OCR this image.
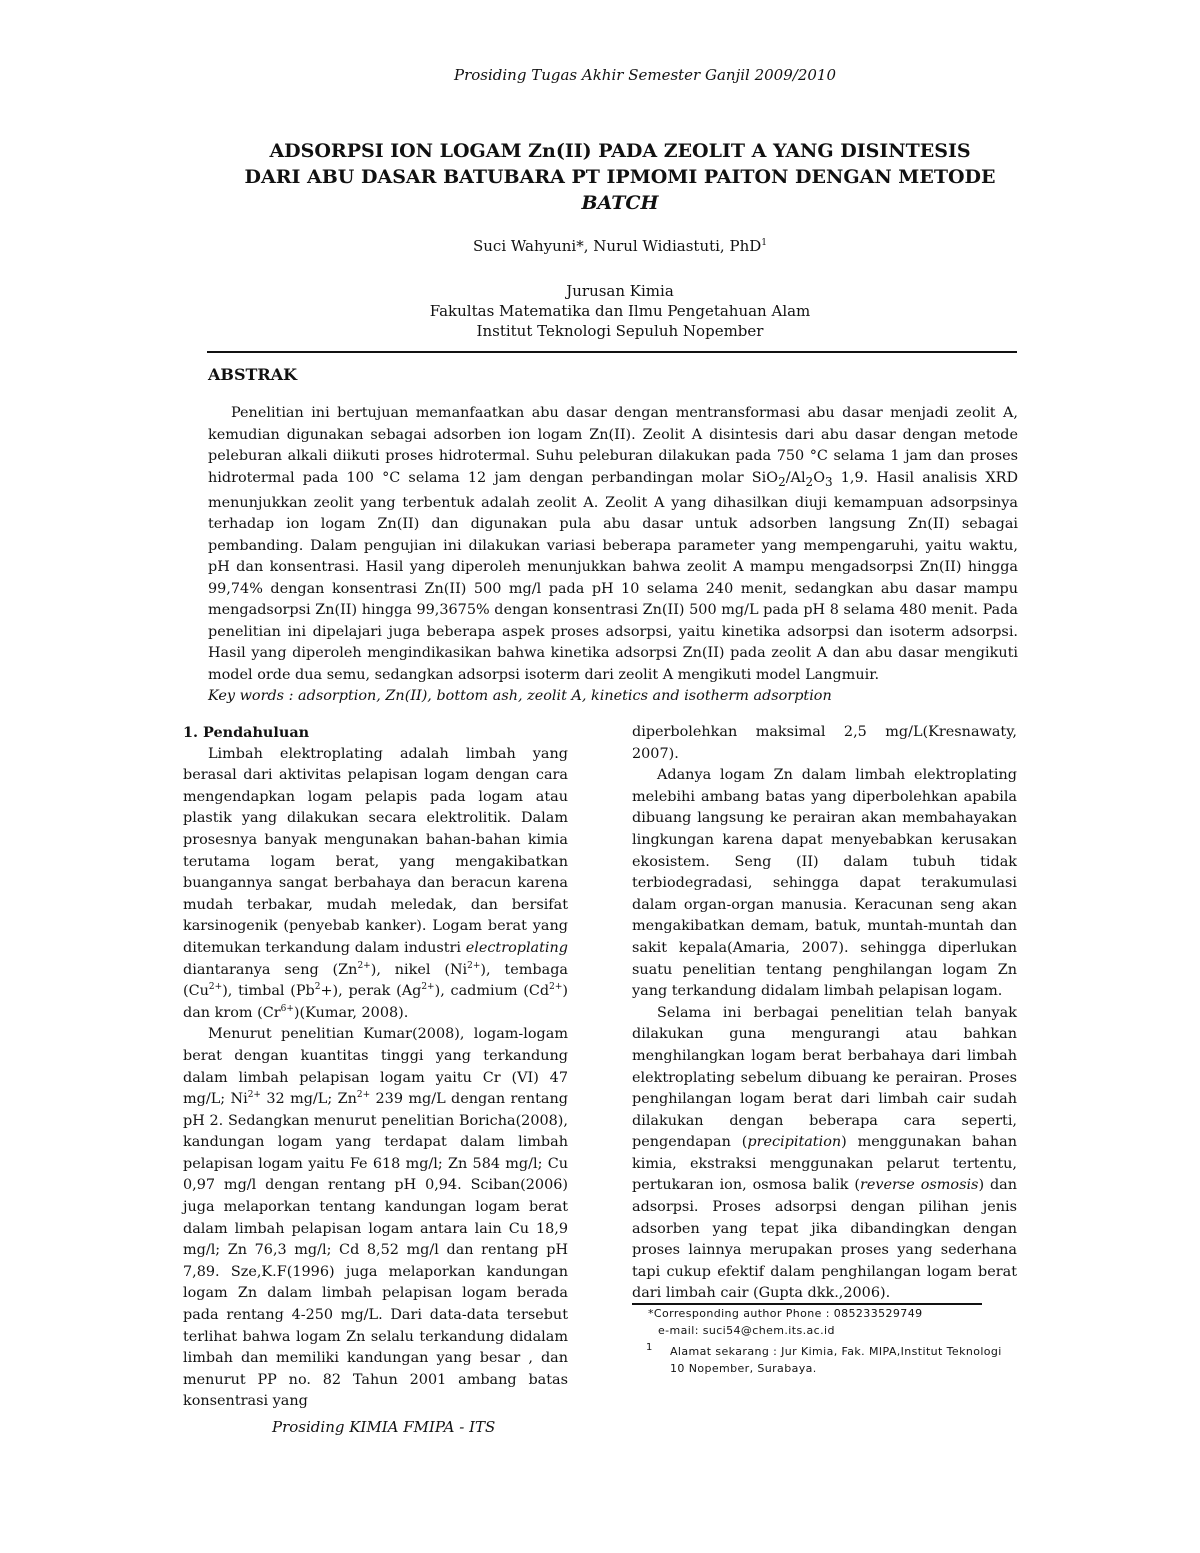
Prosiding Tugas Akhir Semester Ganjil 2009/2010
ADSORPSI ION LOGAM Zn(II) PADA ZEOLIT A YANG DISINTESIS
DARI ABU DASAR BATUBARA PT IPMOMI PAITON DENGAN METODE
BATCH
Suci Wahyuni*, Nurul Widiastuti, PhD$^1$
Jurusan Kimia
Fakultas Matematika dan Ilmu Pengetahuan Alam
Institut Teknologi Sepuluh Nopember
ABSTRAK

Penelitian ini bertujuan memanfaatkan abu dasar dengan mentransformasi abu dasar menjadi zeolit A, kemudian digunakan sebagai adsorben ion logam Zn(II). Zeolit A disintesis dari abu dasar dengan metode peleburan alkali diikuti proses hidrotermal. Suhu peleburan dilakukan pada 750 °C selama 1 jam dan proses hidrotermal pada 100 °C selama 12 jam dengan perbandingan molar $SiO_2/Al_2O_3$ 1,9. Hasil analisis XRD menunjukkan zeolit yang terbentuk adalah zeolit A. Zeolit A yang dihasilkan diuji kemampuan adsorpsinya terhadap ion logam Zn(II) dan digunakan pula abu dasar untuk adsorben langsung Zn(II) sebagai pembanding. Dalam pengujian ini dilakukan variasi beberapa parameter yang mempengaruhi, yaitu waktu, pH dan konsentrasi. Hasil yang diperoleh menunjukkan bahwa zeolit A mampu mengadsorpsi Zn(II) hingga 99,74% dengan konsentrasi Zn(II) 500 mg/l pada pH 10 selama 240 menit, sedangkan abu dasar mampu mengadsorpsi Zn(II) hingga 99,3675% dengan konsentrasi Zn(II) 500 mg/L pada pH 8 selama 480 menit. Pada penelitian ini dipelajari juga beberapa aspek proses adsorpsi, yaitu kinetika adsorpsi dan isoterm adsorpsi. Hasil yang diperoleh mengindikasikan bahwa kinetika adsorpsi Zn(II) pada zeolit A dan abu dasar mengikuti model orde dua semu, sedangkan adsorpsi isoterm dari zeolit A mengikuti model Langmuir.

Key words : adsorption, Zn(II), bottom ash, zeolit A, kinetics and isotherm adsorption

1. Pendahuluan

Limbah elektroplating adalah limbah yang berasal dari aktivitas pelapisan logam dengan cara mengendapkan logam pelapis pada logam atau plastik yang dilakukan secara elektrolitik. Dalam prosesnya banyak mengunakan bahan-bahan kimia terutama logam berat, yang mengakibatkan buangannya sangat berbahaya dan beracun karena mudah terbakar, mudah meledak, dan bersifat karsinogenik (penyebab kanker). Logam berat yang ditemukan terkandung dalam industri electroplating diantaranya seng $(Zn^{2+})$, nikel $(Ni^{2+})$, tembaga $(Cu^{2+})$, timbal $(Pb^2+)$, perak $(Ag^{2+})$, cadmium $(Cd^{2+})$ dan krom $(Cr^{6+})(Kumar$, 2008).

Menurut penelitian Kumar(2008), logam-logam berat dengan kuantitas tinggi yang terkandung dalam limbah pelapisan logam yaitu Cr (VI) 47 mg/L; $Ni^{2+}$ 32 mg/L; $Zn^{2+}$ 239 mg/L dengan rentang pH 2. Sedangkan menurut penelitian Boricha(2008), kandungan logam yang terdapat dalam limbah pelapisan logam yaitu Fe 618 mg/l; Zn 584 mg/l; Cu 0,97 mg/l dengan rentang pH 0,94. Sciban(2006) juga melaporkan tentang kandungan logam berat dalam limbah pelapisan logam antara lain Cu 18,9 mg/l; Zn 76,3 mg/l; Cd 8,52 mg/l dan rentang pH 7,89. Sze,K.F(1996) juga melaporkan kandungan logam Zn dalam limbah pelapisan logam berada pada rentang 4-250 mg/L. Dari data-data tersebut terlihat bahwa logam Zn selalu terkandung didalam limbah dan memiliki kandungan yang besar , dan menurut PP no. 82 Tahun 2001 ambang batas konsentrasi yang

diperbolehkan maksimal 2,5 mg/L(Kresnawaty, 2007).

Adanya logam Zn dalam limbah elektroplating melebihi ambang batas yang diperbolehkan apabila dibuang langsung ke perairan akan membahayakan lingkungan karena dapat menyebabkan kerusakan ekosistem. Seng (II) dalam tubuh tidak terbiodegradasi, sehingga dapat terakumulasi dalam organ-organ manusia. Keracunan seng akan mengakibatkan demam, batuk, muntah-muntah dan sakit kepala(Amaria, 2007). sehingga diperlukan suatu penelitian tentang penghilangan logam Zn yang terkandung didalam limbah pelapisan logam.

Selama ini berbagai penelitian telah banyak dilakukan guna mengurangi atau bahkan menghilangkan logam berat berbahaya dari limbah elektroplating sebelum dibuang ke perairan. Proses penghilangan logam berat dari limbah cair sudah dilakukan dengan beberapa cara seperti, pengendapan (precipitation) menggunakan bahan kimia, ekstraksi menggunakan pelarut tertentu, pertukaran ion, osmosa balik (reverse osmosis) dan adsorpsi. Proses adsorpsi dengan pilihan jenis adsorben yang tepat jika dibandingkan dengan proses lainnya merupakan proses yang sederhana tapi cukup efektif dalam penghilangan logam berat dari limbah cair (Gupta dkk.,2006).

*Corresponding author Phone : 085233529749
e-mail: suci54@chem.its.ac.id
1	Alamat sekarang : Jur Kimia, Fak. MIPA,Institut Teknologi 10 Nopember, Surabaya.
Prosiding KIMIA FMIPA - ITS
